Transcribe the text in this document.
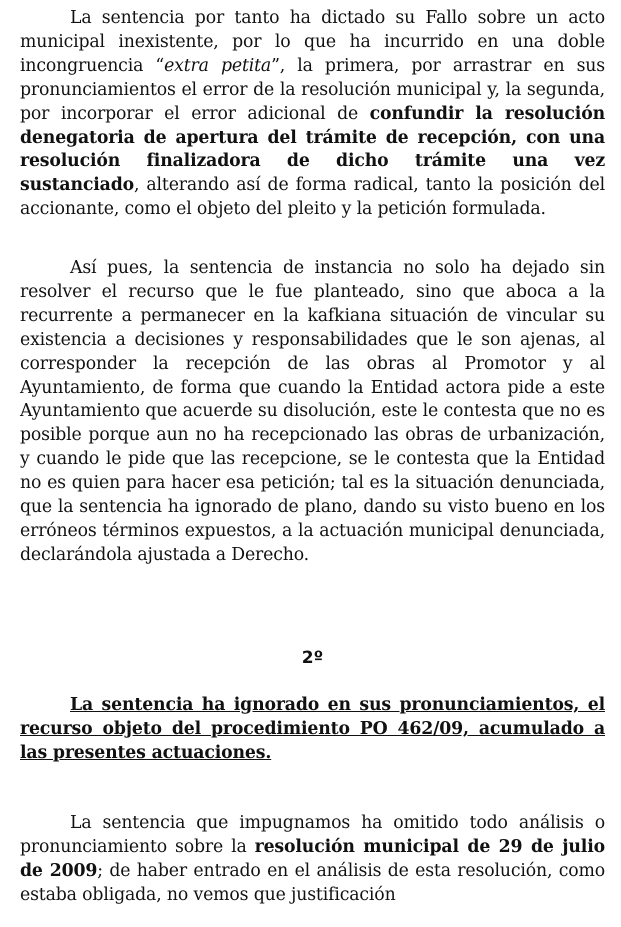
La sentencia por tanto ha dictado su Fallo sobre un acto municipal inexistente, por lo que ha incurrido en una doble incongruencia “extra petita”, la primera, por arrastrar en sus pronunciamientos el error de la resolución municipal y, la segunda, por incorporar el error adicional de confundir la resolución denegatoria de apertura del trámite de recepción, con una resolución finalizadora de dicho trámite una vez sustanciado, alterando así de forma radical, tanto la posición del accionante, como el objeto del pleito y la petición formulada.

Así pues, la sentencia de instancia no solo ha dejado sin resolver el recurso que le fue planteado, sino que aboca a la recurrente a permanecer en la kafkiana situación de vincular su existencia a decisiones y responsabilidades que le son ajenas, al corresponder la recepción de las obras al Promotor y al Ayuntamiento, de forma que cuando la Entidad actora pide a este Ayuntamiento que acuerde su disolución, este le contesta que no es posible porque aun no ha recepcionado las obras de urbanización, y cuando le pide que las recepcione, se le contesta que la Entidad no es quien para hacer esa petición; tal es la situación denunciada, que la sentencia ha ignorado de plano, dando su visto bueno en los erróneos términos expuestos, a la actuación municipal denunciada, declarándola ajustada a Derecho.

2º

La sentencia ha ignorado en sus pronunciamientos, el recurso objeto del procedimiento PO 462/09, acumulado a las presentes actuaciones.

La sentencia que impugnamos ha omitido todo análisis o pronunciamiento sobre la resolución municipal de 29 de julio de 2009; de haber entrado en el análisis de esta resolución, como estaba obligada, no vemos que justificación
